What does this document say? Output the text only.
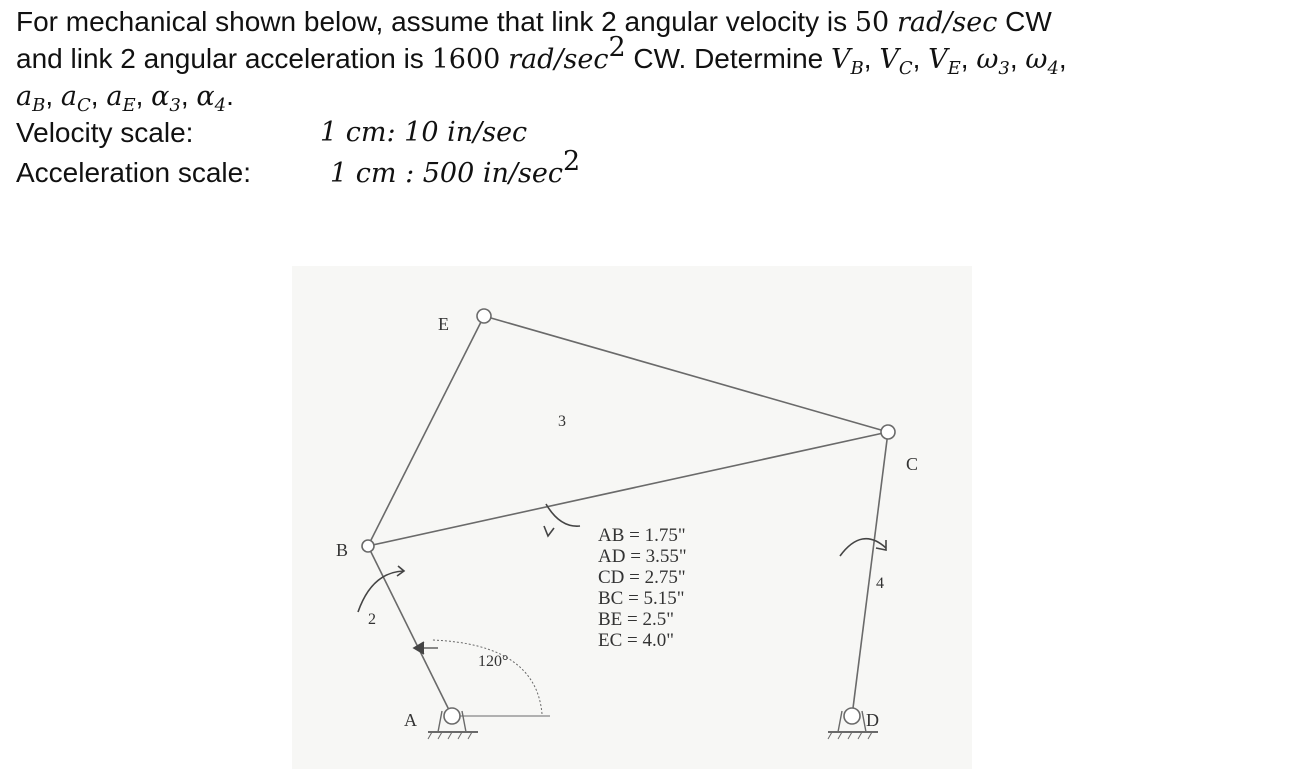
For mechanical shown below, assume that link 2 angular velocity is 50 rad/sec CW

and link 2 angular acceleration is 1600 rad/$\sec^2$ CW. Determine $V_B$, $V_C$, $V_E$, $\omega_3$, $\omega_4$,

$a_B$, $a_C$, $a_E$, $\alpha_3$, $\alpha_4$.

Velocity scale:	1 cm: 10 in/sec
Acceleration scale:	1 cm : 500 $in/\sec^2$
E
B
C
A	D
3
2
4
120°
AB = 1.75"
AD = 3.55"
CD = 2.75"
BC = 5.15"
BE = 2.5"
EC = 4.0"
